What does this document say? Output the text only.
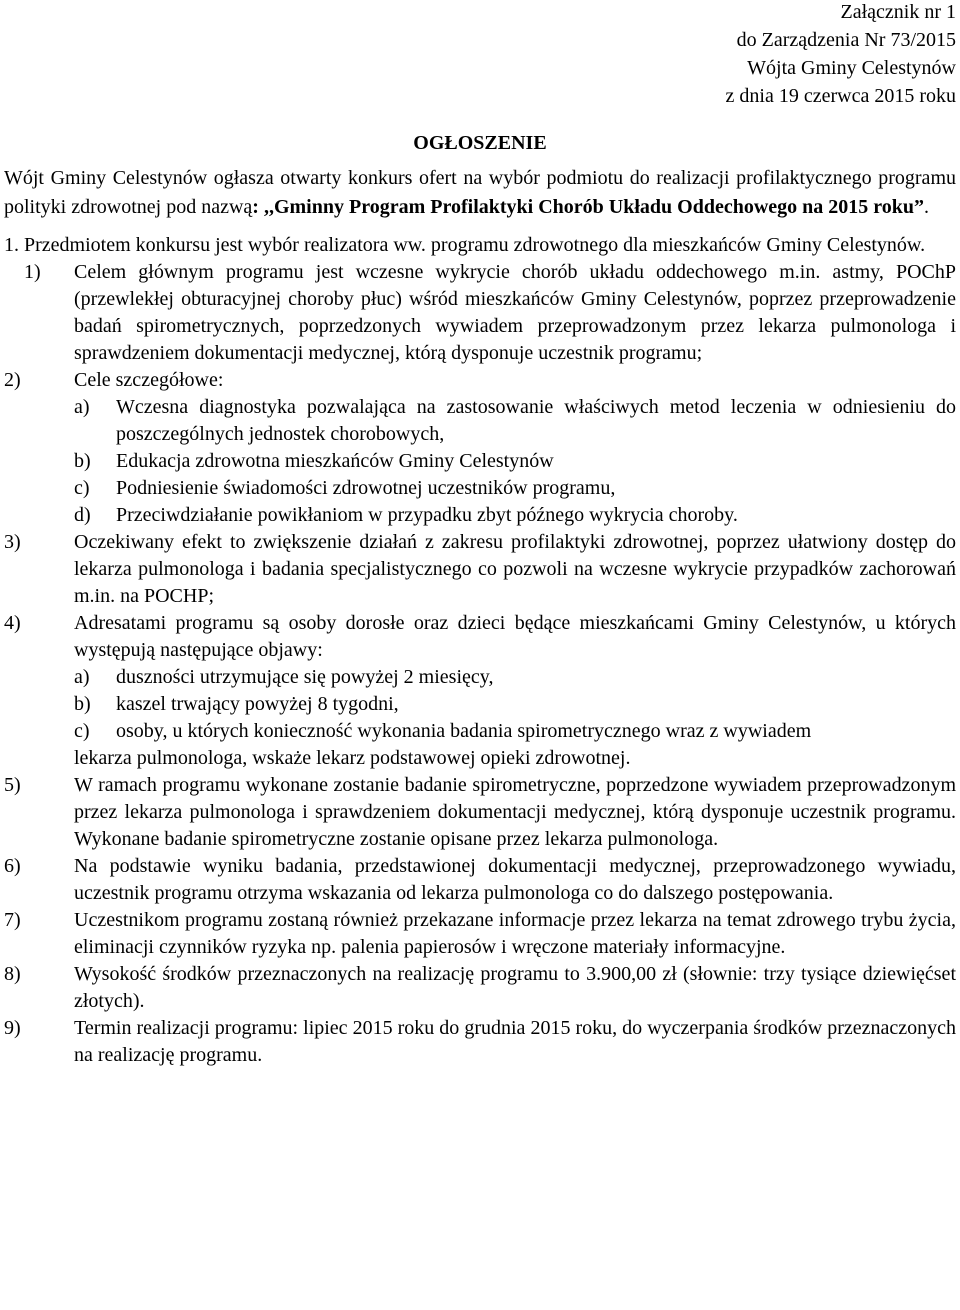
Załącznik nr 1
do Zarządzenia Nr 73/2015
Wójta Gminy Celestynów
z dnia 19 czerwca 2015 roku

OGŁOSZENIE

Wójt Gminy Celestynów ogłasza otwarty konkurs ofert na wybór podmiotu do realizacji profilaktycznego programu polityki zdrowotnej pod nazwą: ,,Gminny Program Profilaktyki Chorób Układu Oddechowego na 2015 roku”.

1. Przedmiotem konkursu jest wybór realizatora ww. programu zdrowotnego dla mieszkańców Gminy Celestynów.

1)	Celem głównym programu jest wczesne wykrycie chorób układu oddechowego m.in. astmy, POChP (przewlekłej obturacyjnej choroby płuc) wśród mieszkańców Gminy Celestynów, poprzez przeprowadzenie badań spirometrycznych, poprzedzonych wywiadem przeprowadzonym przez lekarza pulmonologa i sprawdzeniem dokumentacji medycznej, którą dysponuje uczestnik programu;
2)	Cele szczegółowe:
a)	Wczesna diagnostyka pozwalająca na zastosowanie właściwych metod leczenia w odniesieniu do poszczególnych jednostek chorobowych,
b)	Edukacja zdrowotna mieszkańców Gminy Celestynów
c)	Podniesienie świadomości zdrowotnej uczestników programu,
d)	Przeciwdziałanie powikłaniom w przypadku zbyt późnego wykrycia choroby.
3)	Oczekiwany efekt to zwiększenie działań z zakresu profilaktyki zdrowotnej, poprzez ułatwiony dostęp do lekarza pulmonologa i badania specjalistycznego co pozwoli na wczesne wykrycie przypadków zachorowań m.in. na POCHP;
4)	Adresatami programu są osoby dorosłe oraz dzieci będące mieszkańcami Gminy Celestynów, u których występują następujące objawy:
a)	duszności utrzymujące się powyżej 2 miesięcy,
b)	kaszel trwający powyżej 8 tygodni,
c)	osoby, u których konieczność wykonania badania spirometrycznego wraz z wywiadem
lekarza pulmonologa, wskaże lekarz podstawowej opieki zdrowotnej.
5)	W ramach programu wykonane zostanie badanie spirometryczne, poprzedzone wywiadem przeprowadzonym przez lekarza pulmonologa i sprawdzeniem dokumentacji medycznej, którą dysponuje uczestnik programu. Wykonane badanie spirometryczne zostanie opisane przez lekarza pulmonologa.
6)	Na podstawie wyniku badania, przedstawionej dokumentacji medycznej, przeprowadzonego wywiadu, uczestnik programu otrzyma wskazania od lekarza pulmonologa co do dalszego postępowania.
7)	Uczestnikom programu zostaną również przekazane informacje przez lekarza na temat zdrowego trybu życia, eliminacji czynników ryzyka np. palenia papierosów i wręczone materiały informacyjne.
8)	Wysokość środków przeznaczonych na realizację programu to 3.900,00 zł (słownie: trzy tysiące dziewięćset złotych).
9)	Termin realizacji programu: lipiec 2015 roku do grudnia 2015 roku, do wyczerpania środków przeznaczonych na realizację programu.
